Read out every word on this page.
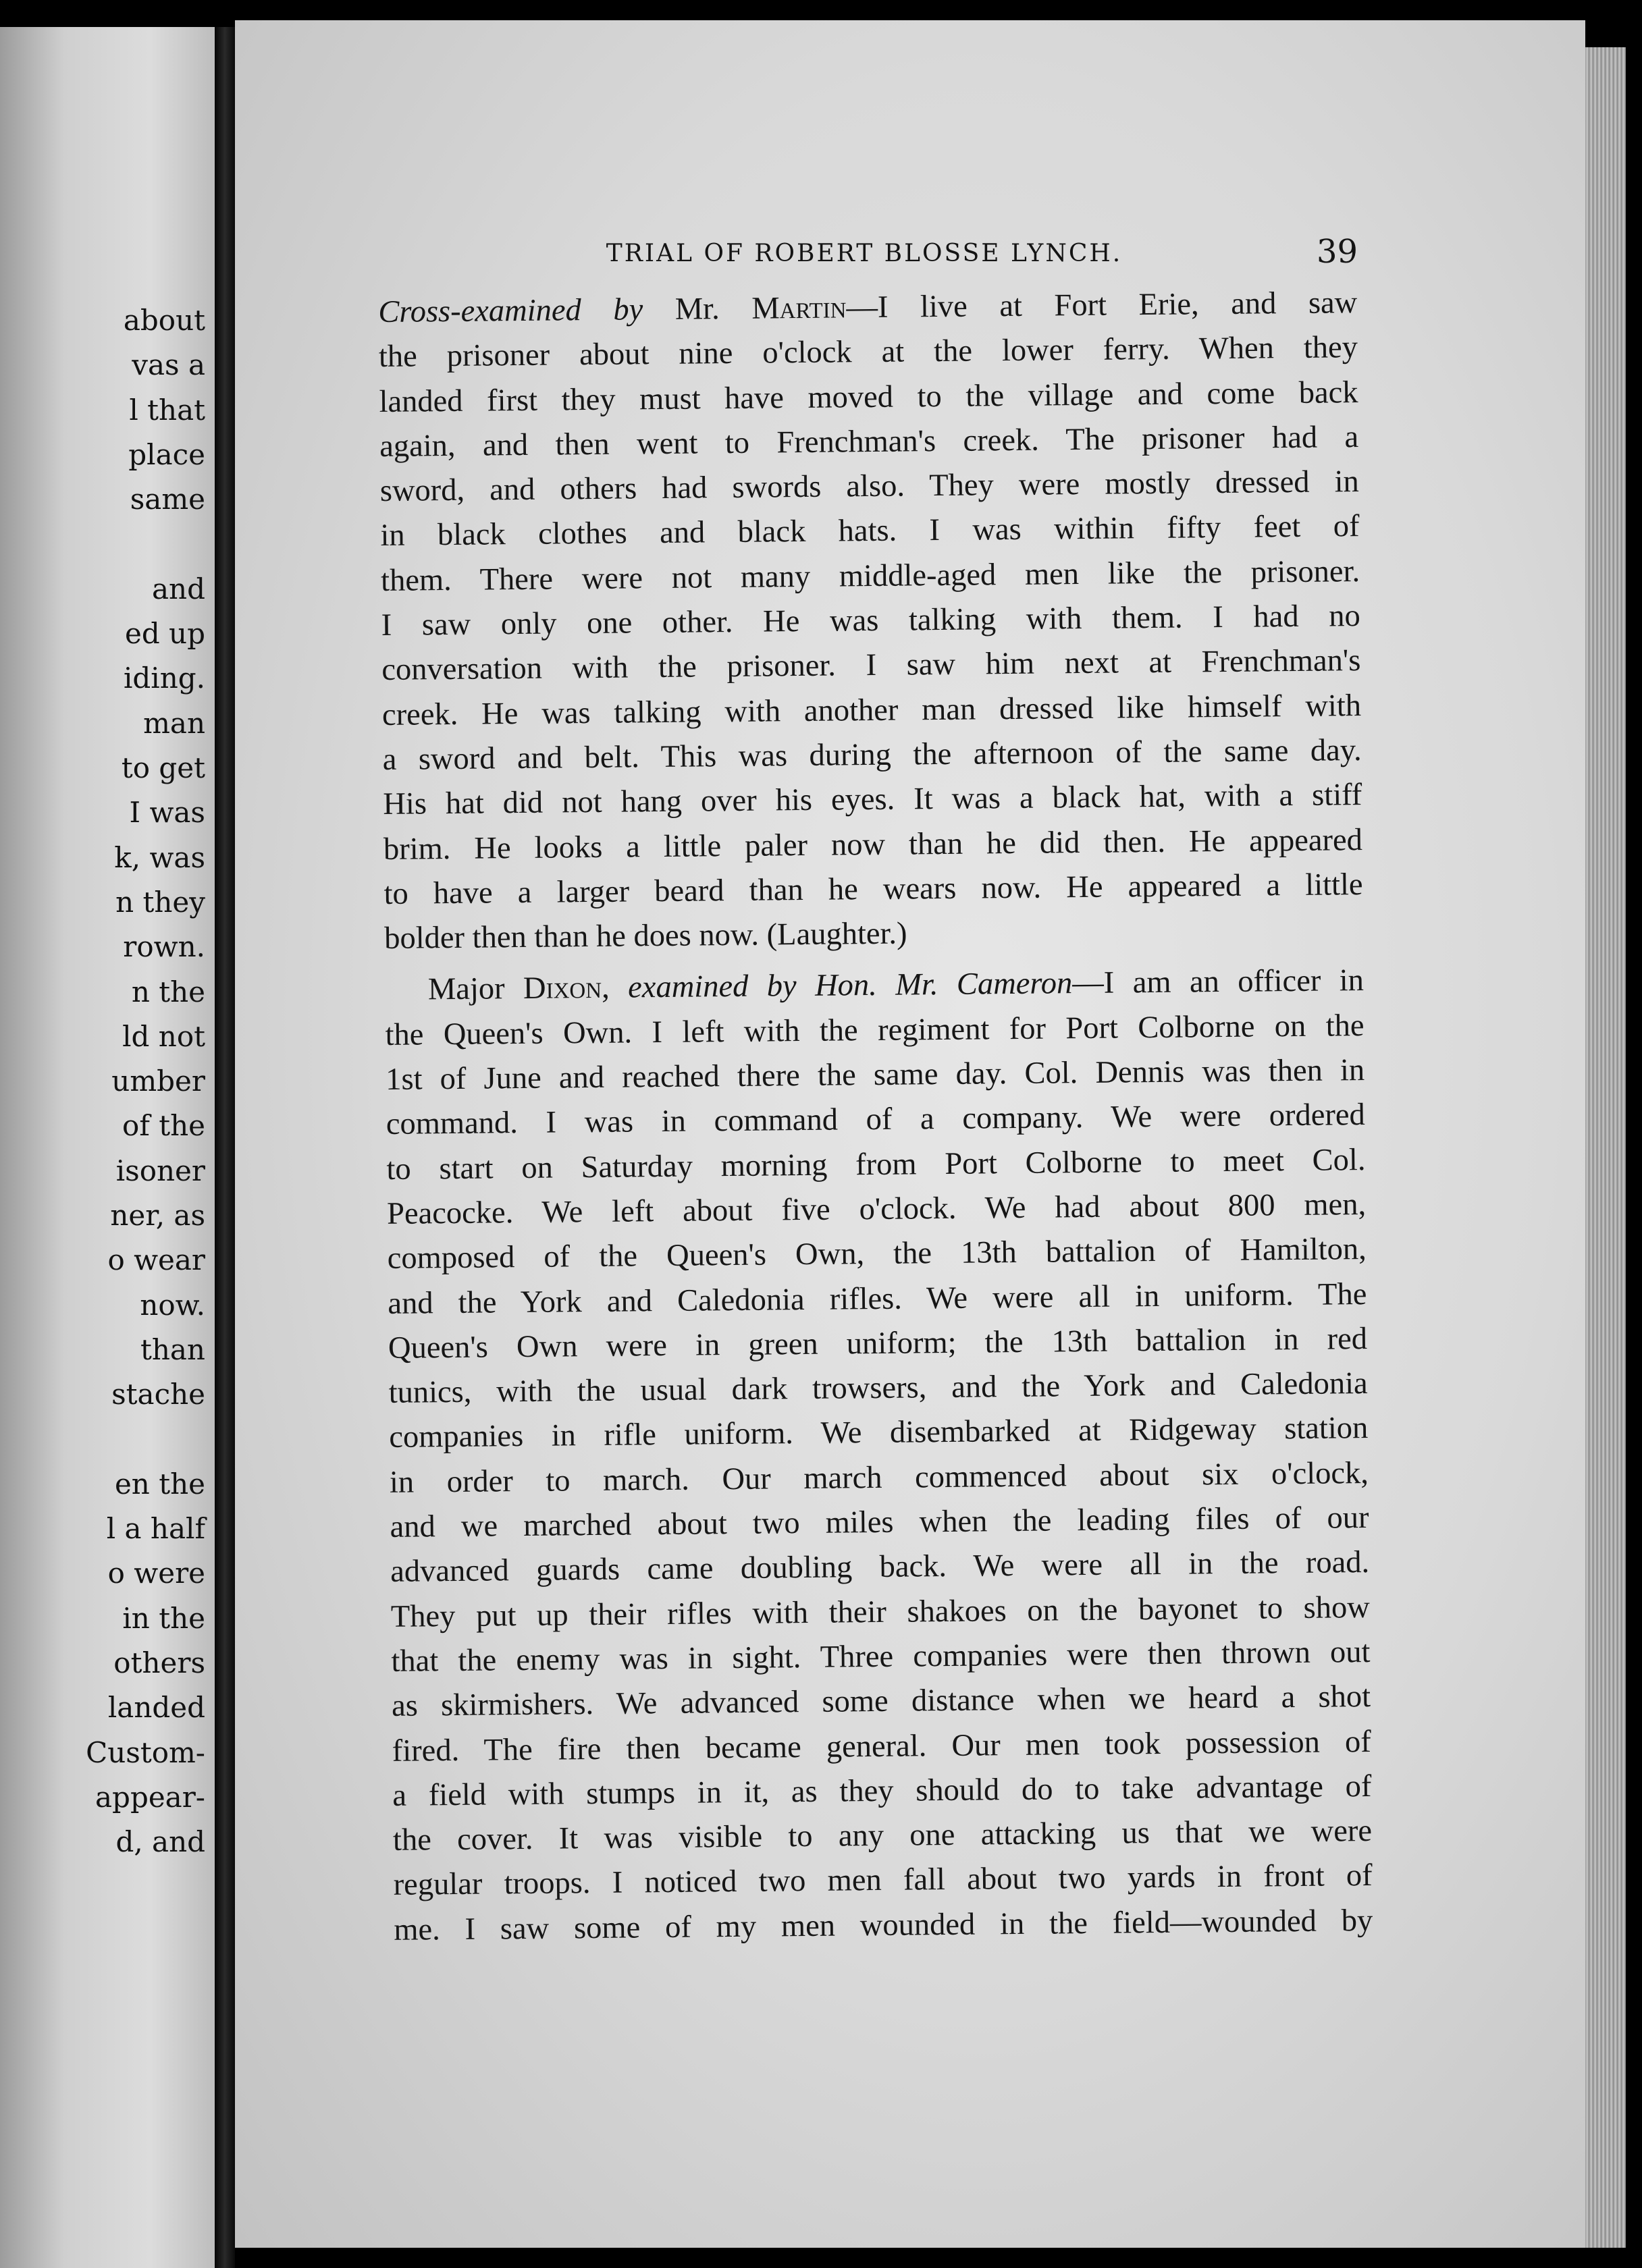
about
vas a
l that
place
same
and
ed up
iding.
man
to get
I was
k, was
n they
rown.
n the
ld not
umber
of the
isoner
ner, as
o wear
now.
than
stache
en the
l a half
o were
in the
others
landed
Custom-
appear-
d, and
TRIAL OF ROBERT BLOSSE LYNCH.	39
Cross-examined by Mr. Martin—I live at Fort Erie, and saw
the prisoner about nine o'clock at the lower ferry. When they
landed first they must have moved to the village and come back
again, and then went to Frenchman's creek. The prisoner had a
sword, and others had swords also. They were mostly dressed in
in black clothes and black hats. I was within fifty feet of
them. There were not many middle-aged men like the prisoner.
I saw only one other. He was talking with them. I had no
conversation with the prisoner. I saw him next at Frenchman's
creek. He was talking with another man dressed like himself with
a sword and belt. This was during the afternoon of the same day.
His hat did not hang over his eyes. It was a black hat, with a stiff
brim. He looks a little paler now than he did then. He appeared
to have a larger beard than he wears now. He appeared a little
bolder then than he does now. (Laughter.)
Major Dixon, examined by Hon. Mr. Cameron—I am an officer in
the Queen's Own. I left with the regiment for Port Colborne on the
1st of June and reached there the same day. Col. Dennis was then in
command. I was in command of a company. We were ordered
to start on Saturday morning from Port Colborne to meet Col.
Peacocke. We left about five o'clock. We had about 800 men,
composed of the Queen's Own, the 13th battalion of Hamilton,
and the York and Caledonia rifles. We were all in uniform. The
Queen's Own were in green uniform; the 13th battalion in red
tunics, with the usual dark trowsers, and the York and Caledonia
companies in rifle uniform. We disembarked at Ridgeway station
in order to march. Our march commenced about six o'clock,
and we marched about two miles when the leading files of our
advanced guards came doubling back. We were all in the road.
They put up their rifles with their shakoes on the bayonet to show
that the enemy was in sight. Three companies were then thrown out
as skirmishers. We advanced some distance when we heard a shot
fired. The fire then became general. Our men took possession of
a field with stumps in it, as they should do to take advantage of
the cover. It was visible to any one attacking us that we were
regular troops. I noticed two men fall about two yards in front of
me. I saw some of my men wounded in the field—wounded by
